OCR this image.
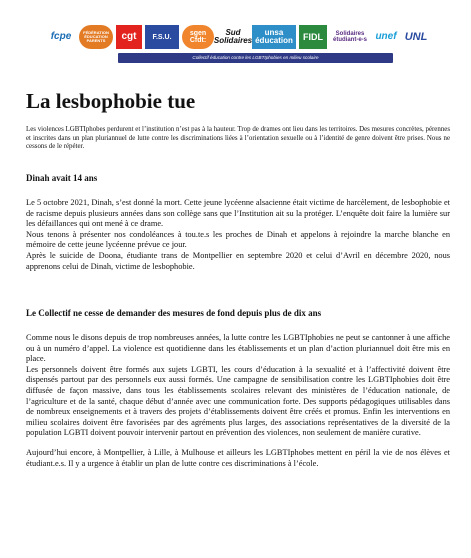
fcpe	FÉDÉRATION ÉDUCATION PARENTS	cgt F.S.U.	sgen Cfdt:
Sud Solidaires
unsa éducation	FIDL	Solidaires étudiant-e-s unef UNL
Collectif éducation contre les LGBTIphobies en milieu scolaire
La lesbophobie tue

Les violences LGBTIphobes perdurent et l’institution n’est pas à la hauteur. Trop de drames ont lieu dans les territoires. Des mesures concrètes, pérennes et inscrites dans un plan pluriannuel de lutte contre les discriminations liées à l’orientation sexuelle ou à l’identité de genre doivent être prises. Nous ne cessons de le répéter.

Dinah avait 14 ans

Le 5 octobre 2021, Dinah, s’est donné la mort. Cette jeune lycéenne alsacienne était victime de harcèlement, de lesbophobie et de racisme depuis plusieurs années dans son collège sans que l’Institution ait su la protéger. L’enquête doit faire la lumière sur les défaillances qui ont mené à ce drame.

Nous tenons à présenter nos condoléances à tou.te.s les proches de Dinah et appelons à rejoindre la marche blanche en mémoire de cette jeune lycéenne prévue ce jour.

Après le suicide de Doona, étudiante trans de Montpellier en septembre 2020 et celui d’Avril en décembre 2020, nous apprenons celui de Dinah, victime de lesbophobie.

Le Collectif ne cesse de demander des mesures de fond depuis plus de dix ans

Comme nous le disons depuis de trop nombreuses années, la lutte contre les LGBTIphobies ne peut se cantonner à une affiche ou à un numéro d’appel. La violence est quotidienne dans les établissements et un plan d’action pluriannuel doit être mis en place.

Les personnels doivent être formés aux sujets LGBTI, les cours d’éducation à la sexualité et à l’affectivité doivent être dispensés partout par des personnels eux aussi formés. Une campagne de sensibilisation contre les LGBTIphobies doit être diffusée de façon massive, dans tous les établissements scolaires relevant des ministères de l’éducation nationale, de l’agriculture et de la santé, chaque début d’année avec une communication forte. Des supports pédagogiques utilisables dans de nombreux enseignements et à travers des projets d’établissements doivent être créés et promus. Enfin les interventions en milieu scolaires doivent être favorisées par des agréments plus larges, des associations représentatives de la diversité de la population LGBTI doivent pouvoir intervenir partout en prévention des violences, non seulement de manière curative.

Aujourd’hui encore, à Montpellier, à Lille, à Mulhouse et ailleurs les LGBTIphobes mettent en péril la vie de nos élèves et étudiant.e.s. Il y a urgence à établir un plan de lutte contre ces discriminations à l’école.
